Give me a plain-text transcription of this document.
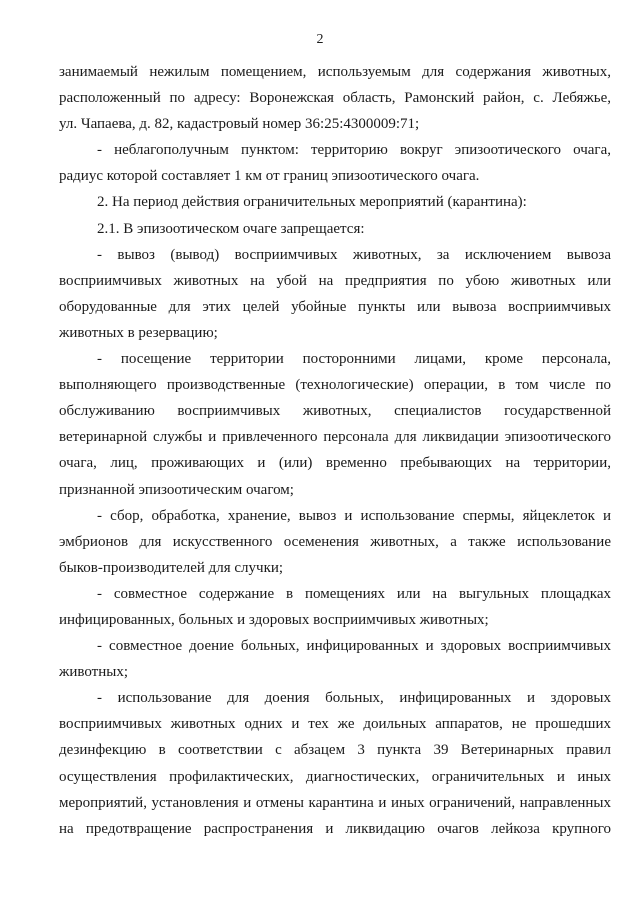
2
занимаемый нежилым помещением, используемым для содержания животных,
расположенный по адресу: Воронежская область, Рамонский район, с. Лебяжье,
ул. Чапаева, д. 82, кадастровый номер 36:25:4300009:71;
- неблагополучным пунктом: территорию вокруг эпизоотического очага,
радиус которой составляет 1 км от границ эпизоотического очага.
2. На период действия ограничительных мероприятий (карантина):
2.1. В эпизоотическом очаге запрещается:
- вывоз (вывод) восприимчивых животных, за исключением вывоза
восприимчивых животных на убой на предприятия по убою животных или
оборудованные для этих целей убойные пункты или вывоза восприимчивых
животных в резервацию;
- посещение территории посторонними лицами, кроме персонала,
выполняющего производственные (технологические) операции, в том числе по
обслуживанию восприимчивых животных, специалистов государственной
ветеринарной службы и привлеченного персонала для ликвидации эпизоотического
очага, лиц, проживающих и (или) временно пребывающих на территории,
признанной эпизоотическим очагом;
- сбор, обработка, хранение, вывоз и использование спермы, яйцеклеток и
эмбрионов для искусственного осеменения животных, а также использование
быков-производителей для случки;
- совместное содержание в помещениях или на выгульных площадках
инфицированных, больных и здоровых восприимчивых животных;
- совместное доение больных, инфицированных и здоровых восприимчивых
животных;
- использование для доения больных, инфицированных и здоровых
восприимчивых животных одних и тех же доильных аппаратов, не прошедших
дезинфекцию в соответствии с абзацем 3 пункта 39 Ветеринарных правил
осуществления профилактических, диагностических, ограничительных и иных
мероприятий, установления и отмены карантина и иных ограничений, направленных
на предотвращение распространения и ликвидацию очагов лейкоза крупного
